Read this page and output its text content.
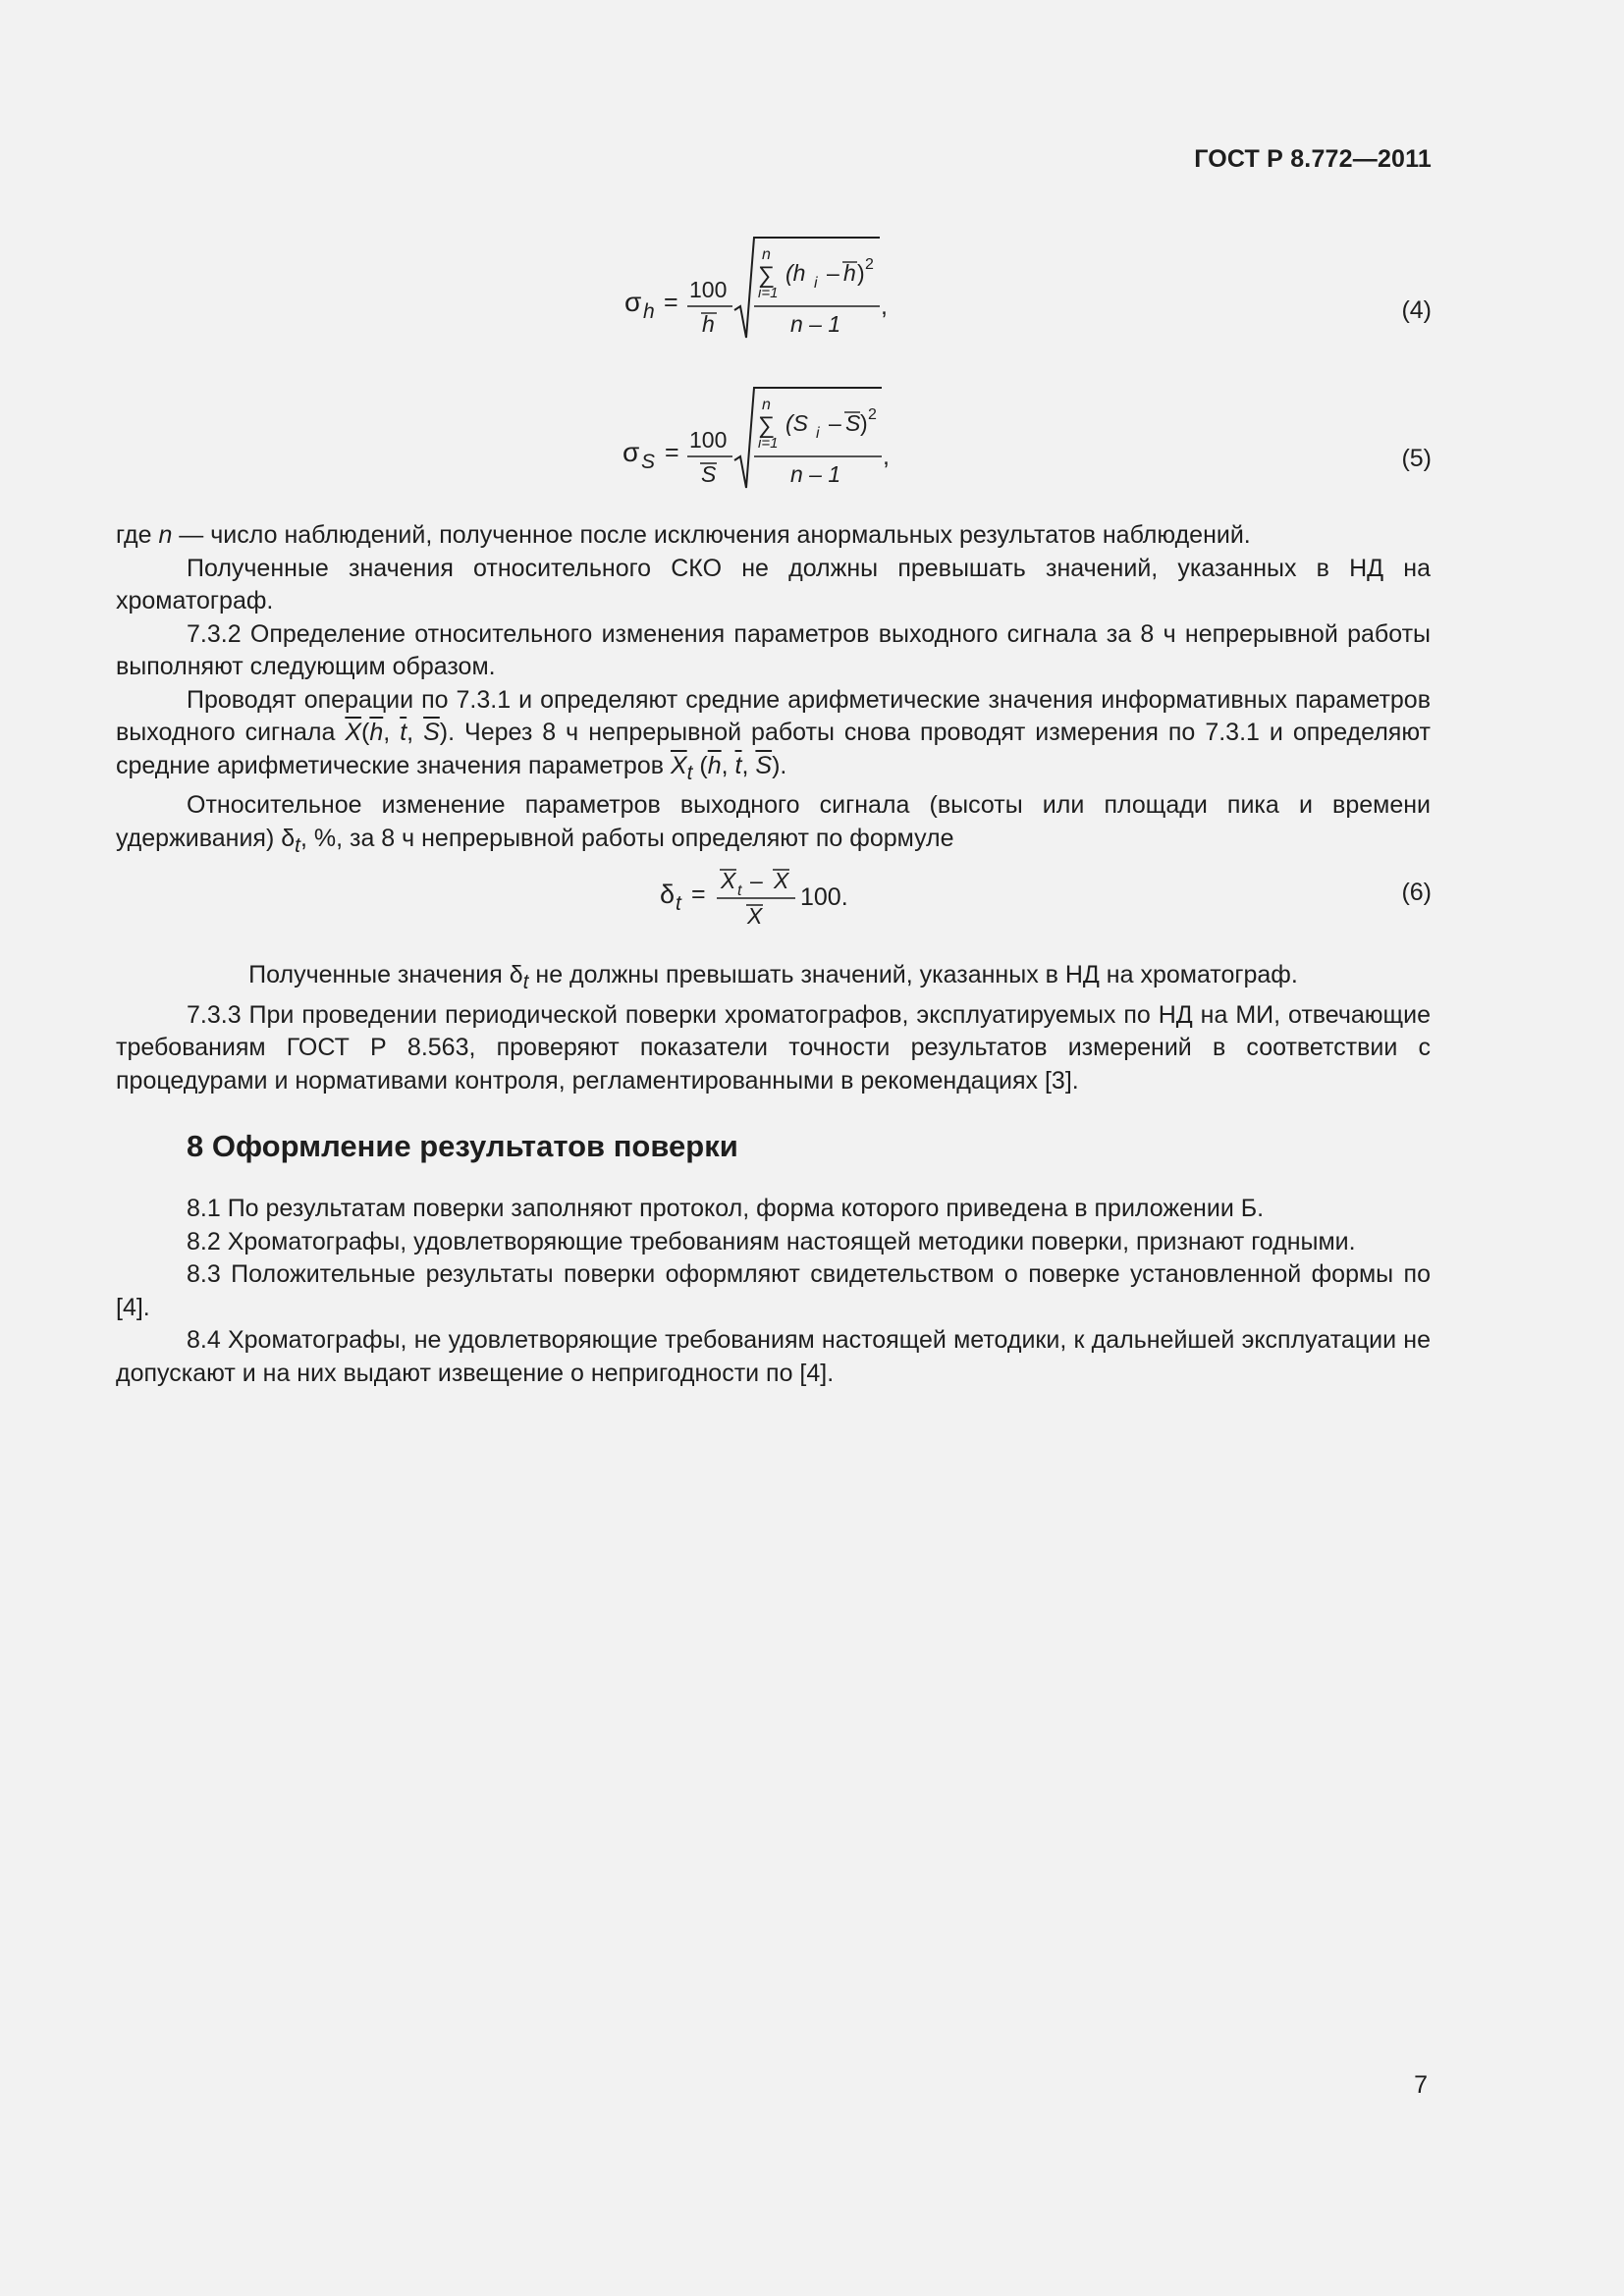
ГОСТ Р 8.772—2011
σ h = 100
h
n
∑
i=1
(h i – h ) 2
n – 1
,	(4)
σ S = 100
S
n
∑
i=1
(S i – S ) 2
n – 1
,	(5)

где n — число наблюдений, полученное после исключения анормальных результатов наблюдений.

Полученные значения относительного СКО не должны превышать значений, указанных в НД на хроматограф.

7.3.2 Определение относительного изменения параметров выходного сигнала за 8 ч непрерывной работы выполняют следующим образом.

Проводят операции по 7.3.1 и определяют средние арифметические значения информативных параметров выходного сигнала $\overline{X}(\overline{h}$, $\overline{t}$, $\overline{S}$). Через 8 ч непрерывной работы снова проводят измерения по 7.3.1 и определяют средние арифметические значения параметров $\overline{X}_t$ ($\overline{h}$, $\overline{t}$, $\overline{S}$).

Относительное изменение параметров выходного сигнала (высоты или площади пика и времени удерживания) $\delta_t$, %, за 8 ч непрерывной работы определяют по формуле

δ t = X t – X
X
100.	(6)

Полученные значения $\delta_t$ не должны превышать значений, указанных в НД на хроматограф.

7.3.3 При проведении периодической поверки хроматографов, эксплуатируемых по НД на МИ, отвечающие требованиям ГОСТ Р 8.563, проверяют показатели точности результатов измерений в соответствии с процедурами и нормативами контроля, регламентированными в рекомендациях [3].

8 Оформление результатов поверки

8.1 По результатам поверки заполняют протокол, форма которого приведена в приложении Б.

8.2 Хроматографы, удовлетворяющие требованиям настоящей методики поверки, признают годными.

8.3 Положительные результаты поверки оформляют свидетельством о поверке установленной формы по [4].

8.4 Хроматографы, не удовлетворяющие требованиям настоящей методики, к дальнейшей эксплуатации не допускают и на них выдают извещение о непригодности по [4].

7
